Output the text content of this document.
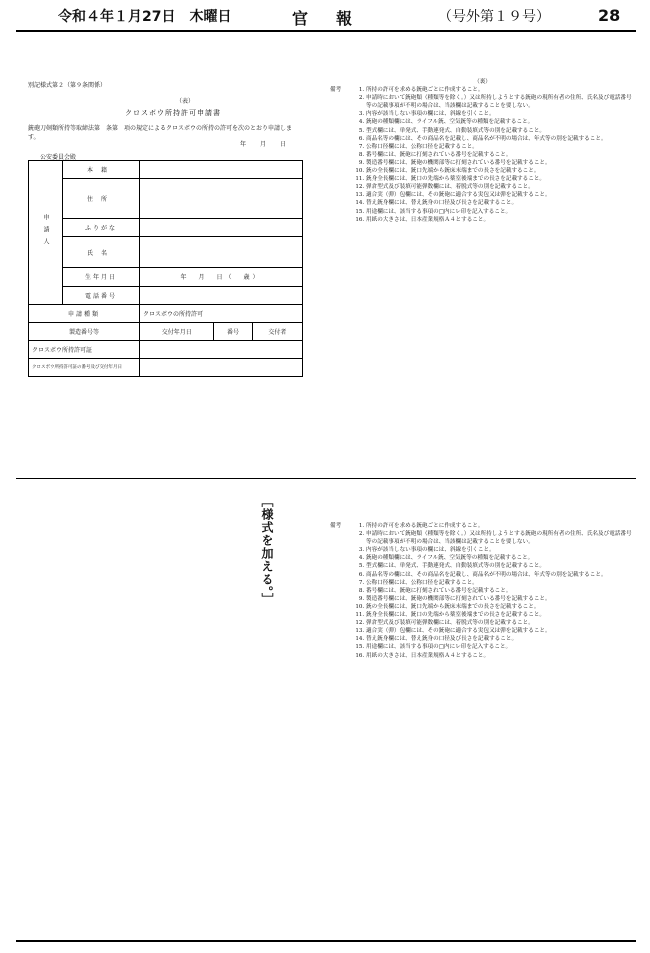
令和４年１月27日　木曜日	官報	（号外第１９号）	28
別記様式第２（第９条関係）
（表）
クロスボウ所持許可申請書
銃砲刀剣類所持等取締法第　条第　項の規定によるクロスボウの所持の許可を次のとおり申請します。
年　月　日
公安委員会殿
申請人	本籍			
	住所			
	ふりがな			
	氏名			
	生年月日	年　月　日（　歳）		
	電話番号			
申請種類		クロスボウの所持許可		
製造番号等		交付年月日	番号	交付者
クロスボウ所持許可証				
クロスボウ所持許可証の番号及び交付年月日				
（裏）
備考	1. 所持の許可を求める銃砲ごとに作成すること。
2. 申請時において銃砲類（種類等を除く。）又は所持しようとする銃砲の現所有者の住所、氏名及び電話番号等の記載事項が不明の場合は、当該欄は記載することを要しない。
3. 内容が該当しない事項の欄には、斜線を引くこと。
4. 銃砲の種類欄には、ライフル銃、空気銃等の種類を記載すること。
5. 型式欄には、単発式、手動連発式、自動装填式等の別を記載すること。
6. 商品名等の欄には、その商品名を記載し、商品名が不明の場合は、年式等の別を記載すること。
7. 公称口径欄には、公称口径を記載すること。
8. 番号欄には、銃砲に打刻されている番号を記載すること。
9. 製造番号欄には、銃砲の機関部等に打刻されている番号を記載すること。
10. 銃の全長欄には、銃口先端から銃床末端までの長さを記載すること。
11. 銃身全長欄には、銃口の先端から薬室後端までの長さを記載すること。
12. 弾倉型式及び装填可能弾数欄には、着脱式等の別を記載すること。
13. 適合実（弾）包欄には、その銃砲に適合する実包又は弾を記載すること。
14. 替え銃身欄には、替え銃身の口径及び長さを記載すること。
15. 用途欄には、該当する事項の□内にレ印を記入すること。
16. 用紙の大きさは、日本産業規格Ａ４とすること。
［様式を加える。］	備考	1. 所持の許可を求める銃砲ごとに作成すること。
2. 申請時において銃砲類（種類等を除く。）又は所持しようとする銃砲の現所有者の住所、氏名及び電話番号等の記載事項が不明の場合は、当該欄は記載することを要しない。
3. 内容が該当しない事項の欄には、斜線を引くこと。
4. 銃砲の種類欄には、ライフル銃、空気銃等の種類を記載すること。
5. 型式欄には、単発式、手動連発式、自動装填式等の別を記載すること。
6. 商品名等の欄には、その商品名を記載し、商品名が不明の場合は、年式等の別を記載すること。
7. 公称口径欄には、公称口径を記載すること。
8. 番号欄には、銃砲に打刻されている番号を記載すること。
9. 製造番号欄には、銃砲の機関部等に打刻されている番号を記載すること。
10. 銃の全長欄には、銃口先端から銃床末端までの長さを記載すること。
11. 銃身全長欄には、銃口の先端から薬室後端までの長さを記載すること。
12. 弾倉型式及び装填可能弾数欄には、着脱式等の別を記載すること。
13. 適合実（弾）包欄には、その銃砲に適合する実包又は弾を記載すること。
14. 替え銃身欄には、替え銃身の口径及び長さを記載すること。
15. 用途欄には、該当する事項の□内にレ印を記入すること。
16. 用紙の大きさは、日本産業規格Ａ４とすること。
